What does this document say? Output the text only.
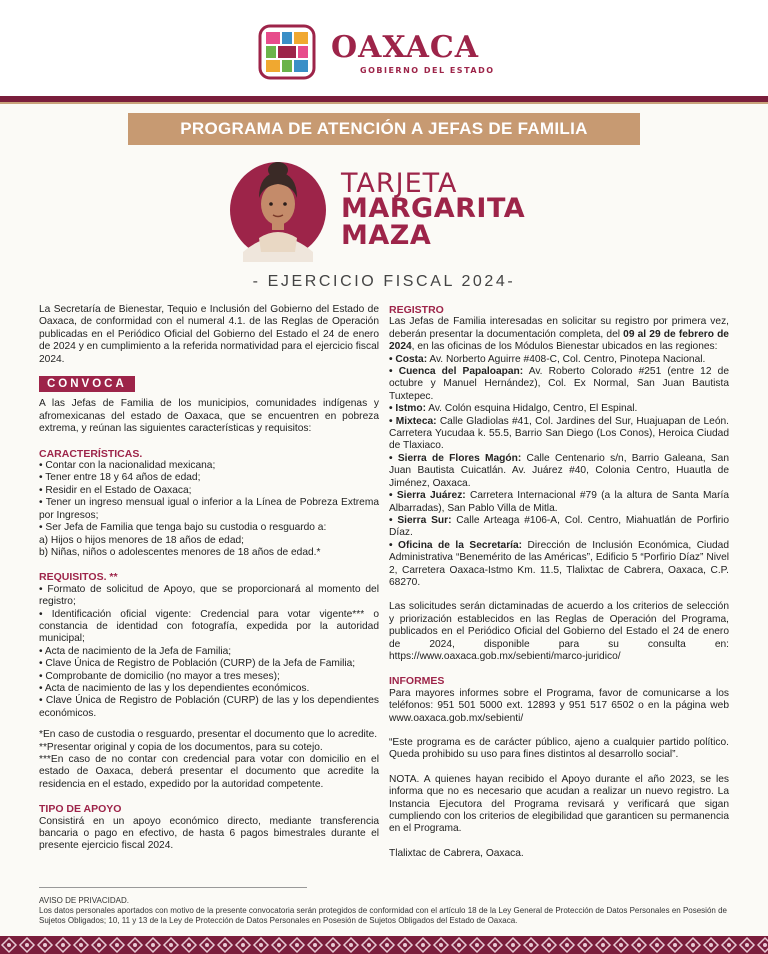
OAXACA
GOBIERNO DEL ESTADO
PROGRAMA DE ATENCIÓN A JEFAS DE FAMILIA
TARJETA
MARGARITA
MAZA
- EJERCICIO FISCAL 2024-

La Secretaría de Bienestar, Tequio e Inclusión del Gobierno del Estado de Oaxaca, de conformidad con el numeral 4.1. de las Reglas de Operación publicadas en el Periódico Oficial del Gobierno del Estado el 24 de enero de 2024 y en cumplimiento a la referida normatividad para el ejercicio fiscal 2024.

CONVOCA

A las Jefas de Familia de los municipios, comunidades indígenas y afromexicanas del estado de Oaxaca, que se encuentren en pobreza extrema, y reúnan las siguientes características y requisitos:

CARACTERÍSTICAS.
• Contar con la nacionalidad mexicana;
• Tener entre 18 y 64 años de edad;
• Residir en el Estado de Oaxaca;
• Tener un ingreso mensual igual o inferior a la Línea de Pobreza Extrema por Ingresos;
• Ser Jefa de Familia que tenga bajo su custodia o resguardo a:
a) Hijos o hijos menores de 18 años de edad;
b) Niñas, niños o adolescentes menores de 18 años de edad.*
REQUISITOS. **
• Formato de solicitud de Apoyo, que se proporcionará al momento del registro;
• Identificación oficial vigente: Credencial para votar vigente*** o constancia de identidad con fotografía, expedida por la autoridad municipal;
• Acta de nacimiento de la Jefa de Familia;
• Clave Única de Registro de Población (CURP) de la Jefa de Familia;
• Comprobante de domicilio (no mayor a tres meses);
• Acta de nacimiento de las y los dependientes económicos.
• Clave Única de Registro de Población (CURP) de las y los dependientes económicos.
*En caso de custodia o resguardo, presentar el documento que lo acredite.
**Presentar original y copia de los documentos, para su cotejo.
***En caso de no contar con credencial para votar con domicilio en el estado de Oaxaca, deberá presentar el documento que acredite la residencia en el estado, expedido por la autoridad competente.
TIPO DE APOYO

Consistirá en un apoyo económico directo, mediante transferencia bancaria o pago en efectivo, de hasta 6 pagos bimestrales durante el presente ejercicio fiscal 2024.

REGISTRO

Las Jefas de Familia interesadas en solicitar su registro por primera vez, deberán presentar la documentación completa, del 09 al 29 de febrero de 2024, en las oficinas de los Módulos Bienestar ubicados en las regiones:

• Costa: Av. Norberto Aguirre #408-C, Col. Centro, Pinotepa Nacional.
• Cuenca del Papaloapan: Av. Roberto Colorado #251 (entre 12 de octubre y Manuel Hernández), Col. Ex Normal, San Juan Bautista Tuxtepec.
• Istmo: Av. Colón esquina Hidalgo, Centro, El Espinal.
• Mixteca: Calle Gladiolas #41, Col. Jardines del Sur, Huajuapan de León. Carretera Yucudaa k. 55.5, Barrio San Diego (Los Conos), Heroica Ciudad de Tlaxiaco.
• Sierra de Flores Magón: Calle Centenario s/n, Barrio Galeana, San Juan Bautista Cuicatlán. Av. Juárez #40, Colonia Centro, Huautla de Jiménez, Oaxaca.
• Sierra Juárez: Carretera Internacional #79 (a la altura de Santa María Albarradas), San Pablo Villa de Mitla.
• Sierra Sur: Calle Arteaga #106-A, Col. Centro, Miahuatlán de Porfirio Díaz.
• Oficina de la Secretaría: Dirección de Inclusión Económica, Ciudad Administrativa “Benemérito de las Américas”, Edificio 5 “Porfirio Díaz” Nivel 2, Carretera Oaxaca-Istmo Km. 11.5, Tlalixtac de Cabrera, Oaxaca, C.P. 68270.

Las solicitudes serán dictaminadas de acuerdo a los criterios de selección y priorización establecidos en las Reglas de Operación del Programa, publicados en el Periódico Oficial del Gobierno del Estado el 24 de enero de 2024, disponible para su consulta en: https://www.oaxaca.gob.mx/sebienti/marco-juridico/

INFORMES

Para mayores informes sobre el Programa, favor de comunicarse a los teléfonos: 951 501 5000 ext. 12893 y 951 517 6502 o en la página web www.oaxaca.gob.mx/sebienti/

“Este programa es de carácter público, ajeno a cualquier partido político. Queda prohibido su uso para fines distintos al desarrollo social”.

NOTA. A quienes hayan recibido el Apoyo durante el año 2023, se les informa que no es necesario que acudan a realizar un nuevo registro. La Instancia Ejecutora del Programa revisará y verificará que sigan cumpliendo con los criterios de elegibilidad que garanticen su permanencia en el Programa.

Tlalixtac de Cabrera, Oaxaca.

AVISO DE PRIVACIDAD.
Los datos personales aportados con motivo de la presente convocatoria serán protegidos de conformidad con el artículo 18 de la Ley General de Protección de Datos Personales en Posesión de Sujetos Obligados; 10, 11 y 13 de la Ley de Protección de Datos Personales en Posesión de Sujetos Obligados del Estado de Oaxaca.
